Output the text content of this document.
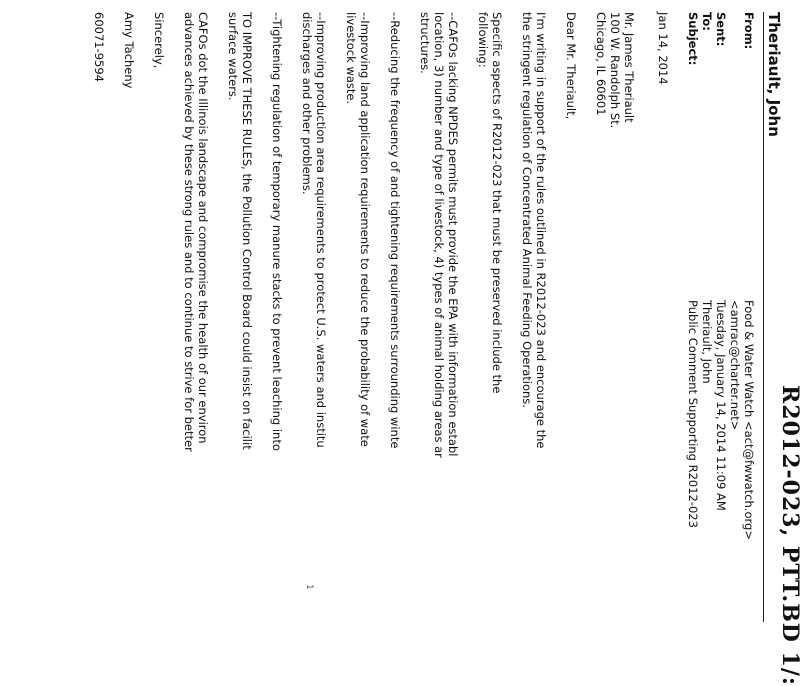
R2012-023, PTT.BD 1/:
Theriault, John
From:
Food & Water Watch <act@fwwatch.org>
<amrac@charter.net>
Sent:
Tuesday, January 14, 2014 11:09 AM
To:
Theriault, John
Subject:
Public Comment Supporting R2012-023
Jan 14, 2014
Mr. James Theriault
100 W. Randolph St.
Chicago, IL 60601
Dear Mr. Theriault,
I'm writing in support of the rules outlined in R2012-023 and encourage the
the stringent regulation of Concentrated Animal Feeding Operations.
Specific aspects of R2012-023 that must be preserved include the
following:
--CAFOs lacking NPDES permits must provide the EPA with information establ
location, 3) number and type of livestock, 4) types of animal holding areas ar
structures.
--Reducing the frequency of and tightening requirements surrounding winte
--Improving land application requirements to reduce the probability of wate
livestock waste.
--Improving production area requirements to protect U.S. waters and institu
discharges and other problems.
--Tightening regulation of temporary manure stacks to prevent leaching into
TO IMPROVE THESE RULES, the Pollution Control Board could insist on facilit
surface waters.
CAFOs dot the Illinois landscape and compromise the health of our environ
advances achieved by these strong rules and to continue to strive for better
Sincerely,
Amy Tacheny
60071-9594
1
